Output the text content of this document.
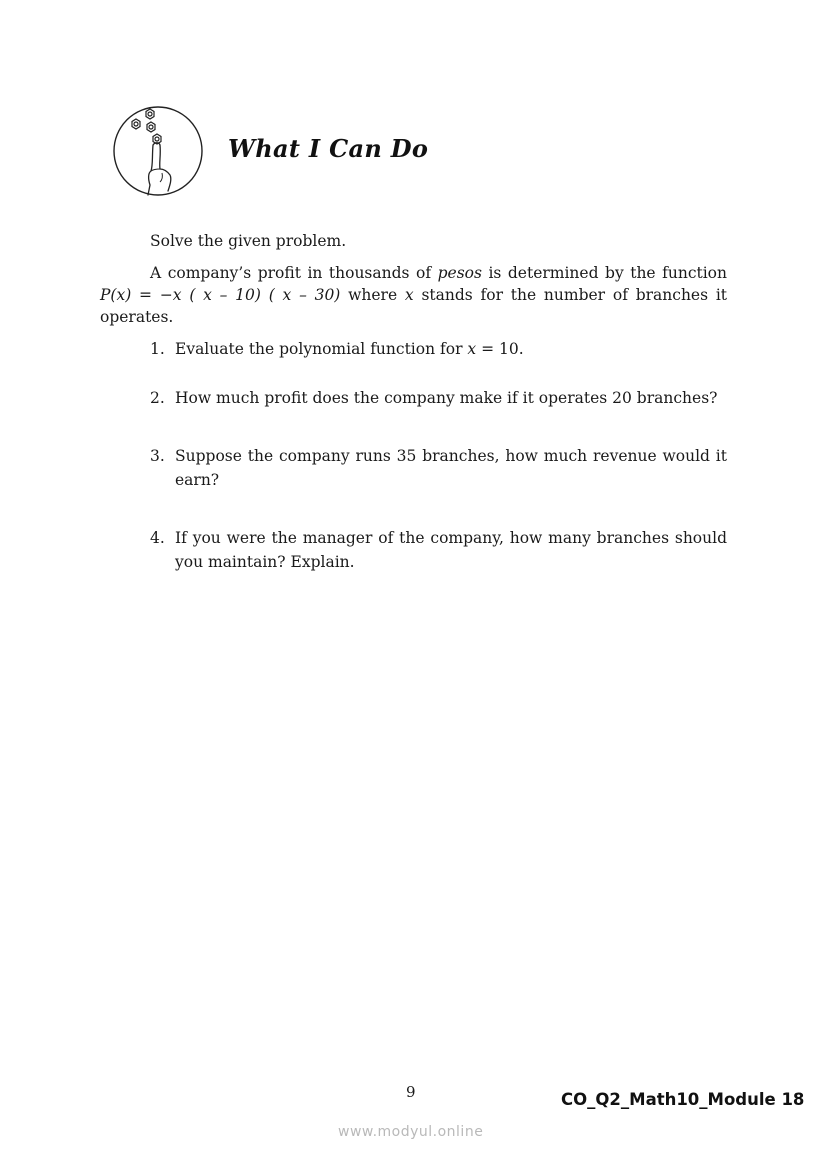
What I Can Do

Solve the given problem.

A company’s profit in thousands of pesos is determined by the function P(x) = −x ( x – 10) ( x – 30) where x stands for the number of branches it operates.

1. Evaluate the polynomial function for x = 10.
2. How much profit does the company make if it operates 20 branches?
3. Suppose the company runs 35 branches, how much revenue would it earn?
4. If you were the manager of the company, how many branches should you maintain? Explain.
9	CO_Q2_Math10_Module 18
www.modyul.online
